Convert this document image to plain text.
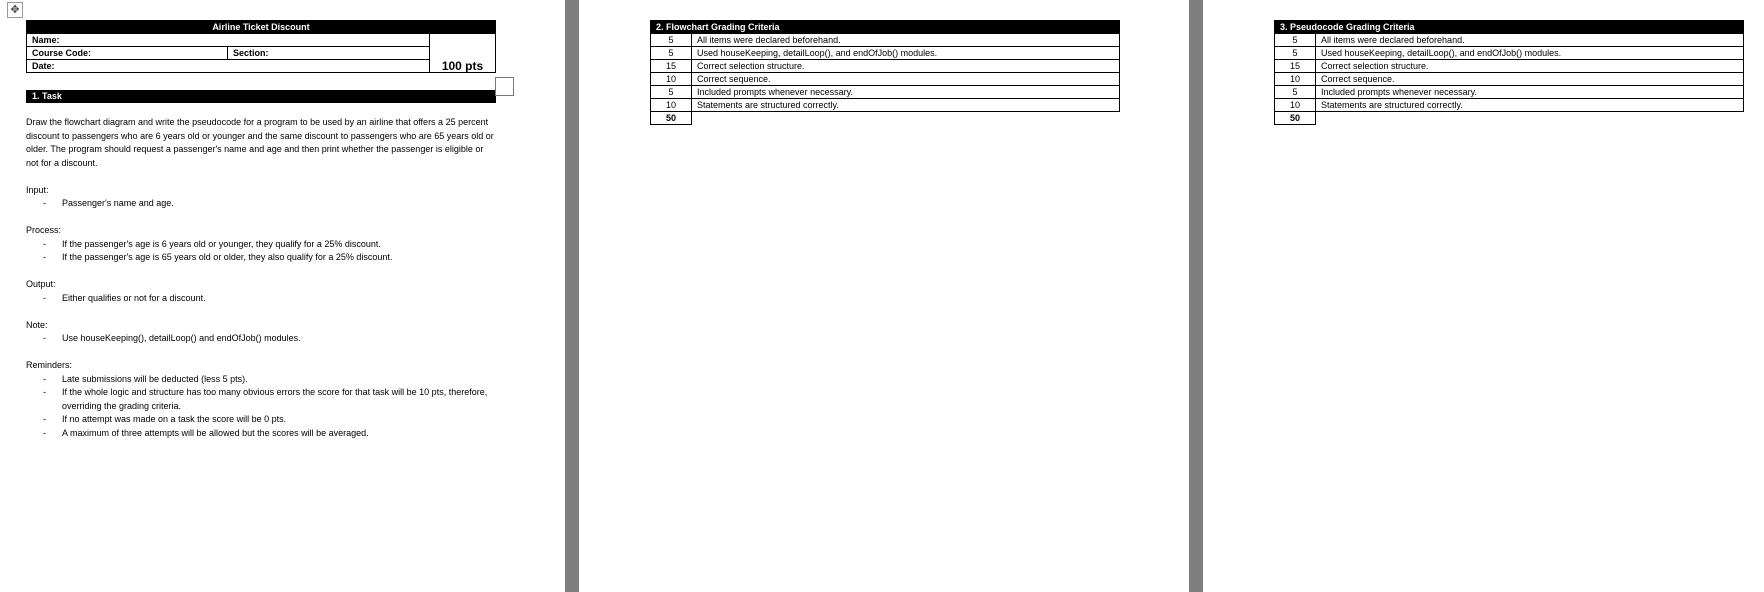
✥
Airline Ticket Discount		
Name:		100 pts
Course Code:	Section:	
Date:		
1. Task

Draw the flowchart diagram and write the pseudocode for a program to be used by an airline that offers a 25 percent discount to passengers who are 6 years old or younger and the same discount to passengers who are 65 years old or older. The program should request a passenger's name and age and then print whether the passenger is eligible or not for a discount.

Input:

- Passenger's name and age.

Process:

- If the passenger's age is 6 years old or younger, they qualify for a 25% discount.
- If the passenger's age is 65 years old or older, they also qualify for a 25% discount.

Output:

- Either qualifies or not for a discount.

Note:

- Use houseKeeping(), detailLoop() and endOfJob() modules.

Reminders:

- Late submissions will be deducted (less 5 pts).
- If the whole logic and structure has too many obvious errors the score for that task will be 10 pts, therefore, overriding the grading criteria.
- If no attempt was made on a task the score will be 0 pts.
- A maximum of three attempts will be allowed but the scores will be averaged.
2. Flowchart Grading Criteria	
5	All items were declared beforehand.
5	Used houseKeeping, detailLoop(), and endOfJob() modules.
15	Correct selection structure.
10	Correct sequence.
5	Included prompts whenever necessary.
10	Statements are structured correctly.
50	
3. Pseudocode Grading Criteria	
5	All items were declared beforehand.
5	Used houseKeeping, detailLoop(), and endOfJob() modules.
15	Correct selection structure.
10	Correct sequence.
5	Included prompts whenever necessary.
10	Statements are structured correctly.
50	
